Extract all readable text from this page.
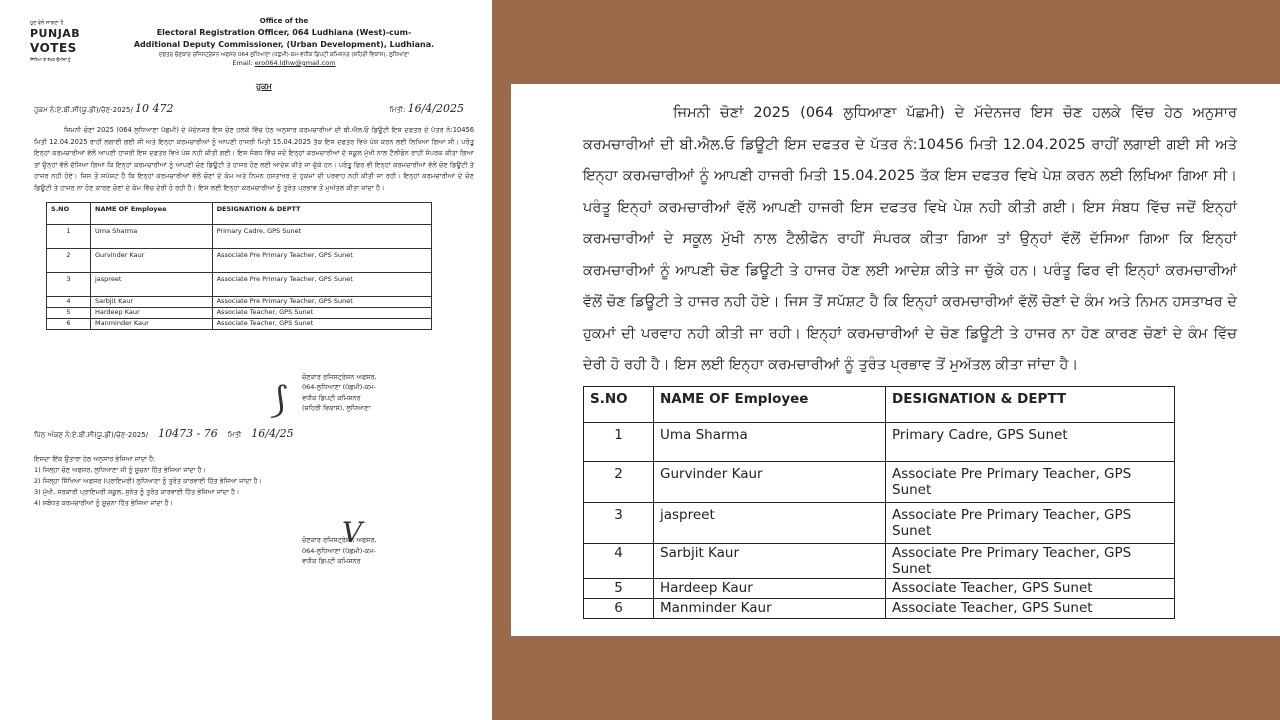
ਹੁਣ ਵੇਲੇ ਜਾਗਣਾ ਹੈ
PUNJAB
VOTES
ਜਿੱਤਿਆ ਕੇ ਰੱਖਣ ਉਮੀਦਾਂ ਨੂੰ
Office of the
Electoral Registration Officer, 064 Ludhiana (West)-cum-
Additional Deputy Commissioner, (Urban Development), Ludhiana.
ਦਫਤਰ ਚੋਣਕਾਰ ਰਜਿਸਟ੍ਰੇਸ਼ਨ ਅਫਸਰ 064 ਲੁਧਿਆਣਾ (ਪੱਛਮੀ)-ਕਮ-ਵਧੀਕ ਡਿਪਟੀ ਕਮਿਸ਼ਨਰ (ਸ਼ਹਿਰੀ ਵਿਕਾਸ), ਲੁਧਿਆਣਾ
Email: ero064.ldhw@gmail.com
ਹੁਕਮ
ਹੁਕਮ ਨੰ:ਏ.ਬੀ.ਸੀ(ਯੂ.ਡੀ)/ਚੋਣ-2025/ 10 472	ਮਿਤੀ: 16/4/2025

ਜਿਮਨੀ ਚੋਣਾਂ 2025 (064 ਲੁਧਿਆਣਾ ਪੱਛਮੀ) ਦੇ ਮੱਦੇਨਜਰ ਇਸ ਚੋਣ ਹਲਕੇ ਵਿੱਚ ਹੇਠ ਅਨੁਸਾਰ ਕਰਮਚਾਰੀਆਂ ਦੀ ਬੀ.ਐਲ.ਓ ਡਿਊਟੀ ਇਸ ਦਫਤਰ ਦੇ ਪੱਤਰ ਨੰ:10456 ਮਿਤੀ 12.04.2025 ਰਾਹੀਂ ਲਗਾਈ ਗਈ ਸੀ ਅਤੇ ਇਨ੍ਹਾ ਕਰਮਚਾਰੀਆਂ ਨੂੰ ਆਪਣੀ ਹਾਜਰੀ ਮਿਤੀ 15.04.2025 ਤੱਕ ਇਸ ਦਫਤਰ ਵਿਖੇ ਪੇਸ਼ ਕਰਨ ਲਈ ਲਿਖਿਆ ਗਿਆ ਸੀ। ਪਰੰਤੂ ਇਨ੍ਹਾਂ ਕਰਮਚਾਰੀਆਂ ਵੱਲੋਂ ਆਪਣੀ ਹਾਜਰੀ ਇਸ ਦਫਤਰ ਵਿਖੇ ਪੇਸ਼ ਨਹੀ ਕੀਤੀ ਗਈ। ਇਸ ਸੰਬਧ ਵਿੱਚ ਜਦੋਂ ਇਨ੍ਹਾਂ ਕਰਮਚਾਰੀਆਂ ਦੇ ਸਕੂਲ ਮੁੱਖੀ ਨਾਲ ਟੈਲੀਫੋਨ ਰਾਹੀਂ ਸੰਪਰਕ ਕੀਤਾ ਗਿਆ ਤਾਂ ਉਨ੍ਹਾਂ ਵੱਲੋਂ ਦੱਸਿਆ ਗਿਆ ਕਿ ਇਨ੍ਹਾਂ ਕਰਮਚਾਰੀਆਂ ਨੂੰ ਆਪਣੀ ਚੋਣ ਡਿਊਟੀ ਤੇ ਹਾਜਰ ਹੋਣ ਲਈ ਆਦੇਸ਼ ਕੀਤੇ ਜਾ ਚੁੱਕੇ ਹਨ। ਪਰੰਤੂ ਫਿਰ ਵੀ ਇਨ੍ਹਾਂ ਕਰਮਚਾਰੀਆਂ ਵੱਲੋਂ ਚੋਣ ਡਿਊਟੀ ਤੇ ਹਾਜਰ ਨਹੀ ਹੋਏ। ਜਿਸ ਤੋਂ ਸਪੱਸ਼ਟ ਹੈ ਕਿ ਇਨ੍ਹਾਂ ਕਰਮਚਾਰੀਆਂ ਵੱਲੋਂ ਚੋਣਾਂ ਦੇ ਕੰਮ ਅਤੇ ਨਿਮਨ ਹਸਤਾਖਰ ਦੇ ਹੁਕਮਾਂ ਦੀ ਪਰਵਾਹ ਨਹੀ ਕੀਤੀ ਜਾ ਰਹੀ। ਇਨ੍ਹਾਂ ਕਰਮਚਾਰੀਆਂ ਦੇ ਚੋਣ ਡਿਊਟੀ ਤੇ ਹਾਜਰ ਨਾ ਹੋਣ ਕਾਰਣ ਚੋਣਾਂ ਦੇ ਕੰਮ ਵਿੱਚ ਦੇਰੀ ਹੋ ਰਹੀ ਹੈ। ਇਸ ਲਈ ਇਨ੍ਹਾ ਕਰਮਚਾਰੀਆਂ ਨੂੰ ਤੁਰੰਤ ਪ੍ਰਭਾਵ ਤੋਂ ਮੁਅੱਤਲ ਕੀਤਾ ਜਾਂਦਾ ਹੈ।

S.NO	NAME OF Employee	DESIGNATION & DEPTT
1	Uma Sharma	Primary Cadre, GPS Sunet
2	Gurvinder Kaur	Associate Pre Primary Teacher, GPS Sunet
3	jaspreet	Associate Pre Primary Teacher, GPS Sunet
4	Sarbjit Kaur	Associate Pre Primary Teacher, GPS Sunet
5	Hardeep Kaur	Associate Teacher, GPS Sunet
6	Manminder Kaur	Associate Teacher, GPS Sunet
⟆
ਚੋਣਕਾਰ ਰਜਿਸਟ੍ਰੇਸ਼ਨ ਅਫਸਰ,
064-ਲੁਧਿਆਣਾ (ਪੱਛਮੀ)-ਕਮ-
ਵਧੀਕ ਡਿਪਟੀ ਕਮਿਸ਼ਨਰ
(ਸ਼ਹਿਰੀ ਵਿਕਾਸ), ਲੁਧਿਆਣਾ
ਪਿੱਠ ਅੰਕਣ ਨੰ:ਏ.ਬੀ.ਸੀ(ਯੂ.ਡੀ)/ਚੋਣ-2025/ 10473 - 76 ਮਿਤੀ 16/4/25
ਇਸਦਾ ਇੱਕ ਉਤਾਰਾ ਹੇਠ ਅਨੁਸਾਰ ਭੇਜਿਆ ਜਾਂਦਾ ਹੈ:
1) ਜਿਲ੍ਹਾ ਚੋਣ ਅਫਸਰ, ਲੁਧਿਆਣਾ ਜੀ ਨੂੰ ਸੂਚਨਾ ਹਿੱਤ ਭੇਜਿਆ ਜਾਂਦਾ ਹੈ।
2) ਜਿਲ੍ਹਾ ਸਿੱਖਿਆ ਅਫਸਰ (ਪ੍ਰਾਇਮਰੀ) ਲੁਧਿਆਣਾ ਨੂੰ ਤੁਰੰਤ ਕਾਰਵਾਈ ਹਿੱਤ ਭੇਜਿਆ ਜਾਂਦਾ ਹੈ।
3) ਮੁੱਖੀ, ਸਰਕਾਰੀ ਪ੍ਰਾਇਮਰੀ ਸਕੂਲ, ਸੁਨੇਤ ਨੂੰ ਤੁਰੰਤ ਕਾਰਵਾਈ ਹਿੱਤ ਭੇਜਿਆ ਜਾਂਦਾ ਹੈ।
4) ਸਬੰਧਤ ਕਰਮਚਾਰੀਆਂ ਨੂੰ ਸੂਚਨਾ ਹਿੱਤ ਭੇਜਿਆ ਜਾਂਦਾ ਹੈ।
V
ਚੋਣਕਾਰ ਰਜਿਸਟ੍ਰੇਸ਼ਨ ਅਫਸਰ,
064-ਲੁਧਿਆਣਾ (ਪੱਛਮੀ)-ਕਮ-
ਵਧੀਕ ਡਿਪਟੀ ਕਮਿਸ਼ਨਰ

ਜਿਮਨੀ ਚੋਣਾਂ 2025 (064 ਲੁਧਿਆਣਾ ਪੱਛਮੀ) ਦੇ ਮੱਦੇਨਜਰ ਇਸ ਚੋਣ ਹਲਕੇ ਵਿੱਚ ਹੇਠ ਅਨੁਸਾਰ ਕਰਮਚਾਰੀਆਂ ਦੀ ਬੀ.ਐਲ.ਓ ਡਿਊਟੀ ਇਸ ਦਫਤਰ ਦੇ ਪੱਤਰ ਨੰ:10456 ਮਿਤੀ 12.04.2025 ਰਾਹੀਂ ਲਗਾਈ ਗਈ ਸੀ ਅਤੇ ਇਨ੍ਹਾ ਕਰਮਚਾਰੀਆਂ ਨੂੰ ਆਪਣੀ ਹਾਜਰੀ ਮਿਤੀ 15.04.2025 ਤੱਕ ਇਸ ਦਫਤਰ ਵਿਖੇ ਪੇਸ਼ ਕਰਨ ਲਈ ਲਿਖਿਆ ਗਿਆ ਸੀ। ਪਰੰਤੂ ਇਨ੍ਹਾਂ ਕਰਮਚਾਰੀਆਂ ਵੱਲੋਂ ਆਪਣੀ ਹਾਜਰੀ ਇਸ ਦਫਤਰ ਵਿਖੇ ਪੇਸ਼ ਨਹੀ ਕੀਤੀ ਗਈ। ਇਸ ਸੰਬਧ ਵਿੱਚ ਜਦੋਂ ਇਨ੍ਹਾਂ ਕਰਮਚਾਰੀਆਂ ਦੇ ਸਕੂਲ ਮੁੱਖੀ ਨਾਲ ਟੈਲੀਫੋਨ ਰਾਹੀਂ ਸੰਪਰਕ ਕੀਤਾ ਗਿਆ ਤਾਂ ਉਨ੍ਹਾਂ ਵੱਲੋਂ ਦੱਸਿਆ ਗਿਆ ਕਿ ਇਨ੍ਹਾਂ ਕਰਮਚਾਰੀਆਂ ਨੂੰ ਆਪਣੀ ਚੋਣ ਡਿਊਟੀ ਤੇ ਹਾਜਰ ਹੋਣ ਲਈ ਆਦੇਸ਼ ਕੀਤੇ ਜਾ ਚੁੱਕੇ ਹਨ। ਪਰੰਤੂ ਫਿਰ ਵੀ ਇਨ੍ਹਾਂ ਕਰਮਚਾਰੀਆਂ ਵੱਲੋਂ ਚੋਣ ਡਿਊਟੀ ਤੇ ਹਾਜਰ ਨਹੀ ਹੋਏ। ਜਿਸ ਤੋਂ ਸਪੱਸ਼ਟ ਹੈ ਕਿ ਇਨ੍ਹਾਂ ਕਰਮਚਾਰੀਆਂ ਵੱਲੋਂ ਚੋਣਾਂ ਦੇ ਕੰਮ ਅਤੇ ਨਿਮਨ ਹਸਤਾਖਰ ਦੇ ਹੁਕਮਾਂ ਦੀ ਪਰਵਾਹ ਨਹੀ ਕੀਤੀ ਜਾ ਰਹੀ। ਇਨ੍ਹਾਂ ਕਰਮਚਾਰੀਆਂ ਦੇ ਚੋਣ ਡਿਊਟੀ ਤੇ ਹਾਜਰ ਨਾ ਹੋਣ ਕਾਰਣ ਚੋਣਾਂ ਦੇ ਕੰਮ ਵਿੱਚ ਦੇਰੀ ਹੋ ਰਹੀ ਹੈ। ਇਸ ਲਈ ਇਨ੍ਹਾ ਕਰਮਚਾਰੀਆਂ ਨੂੰ ਤੁਰੰਤ ਪ੍ਰਭਾਵ ਤੋਂ ਮੁਅੱਤਲ ਕੀਤਾ ਜਾਂਦਾ ਹੈ।

S.NO	NAME OF Employee	DESIGNATION & DEPTT
1	Uma Sharma	Primary Cadre, GPS Sunet
2	Gurvinder Kaur	Associate Pre Primary Teacher, GPS Sunet
3	jaspreet	Associate Pre Primary Teacher, GPS Sunet
4	Sarbjit Kaur	Associate Pre Primary Teacher, GPS Sunet
5	Hardeep Kaur	Associate Teacher, GPS Sunet
6	Manminder Kaur	Associate Teacher, GPS Sunet
